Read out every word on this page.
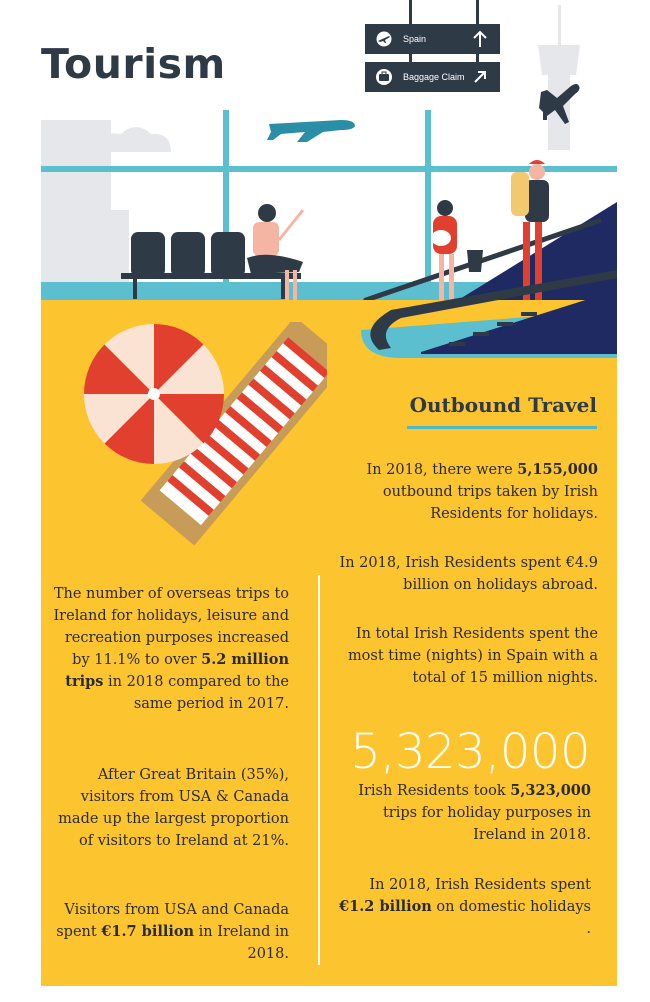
Tourism
Spain
Baggage Claim
Outbound Travel
In 2018, there were 5,155,000 outbound trips taken by Irish Residents for holidays.
In 2018, Irish Residents spent €4.9 billion on holidays abroad.
In total Irish Residents spent the most time (nights) in Spain with a total of 15 million nights.
5,323,000
Irish Residents took 5,323,000 trips for holiday purposes in Ireland in 2018.
In 2018, Irish Residents spent €1.2 billion on domestic holidays .
The number of overseas trips to Ireland for holidays, leisure and recreation purposes increased by 11.1% to over 5.2 million trips in 2018 compared to the same period in 2017.
After Great Britain (35%), visitors from USA & Canada made up the largest proportion of visitors to Ireland at 21%.
Visitors from USA and Canada spent €1.7 billion in Ireland in 2018.
